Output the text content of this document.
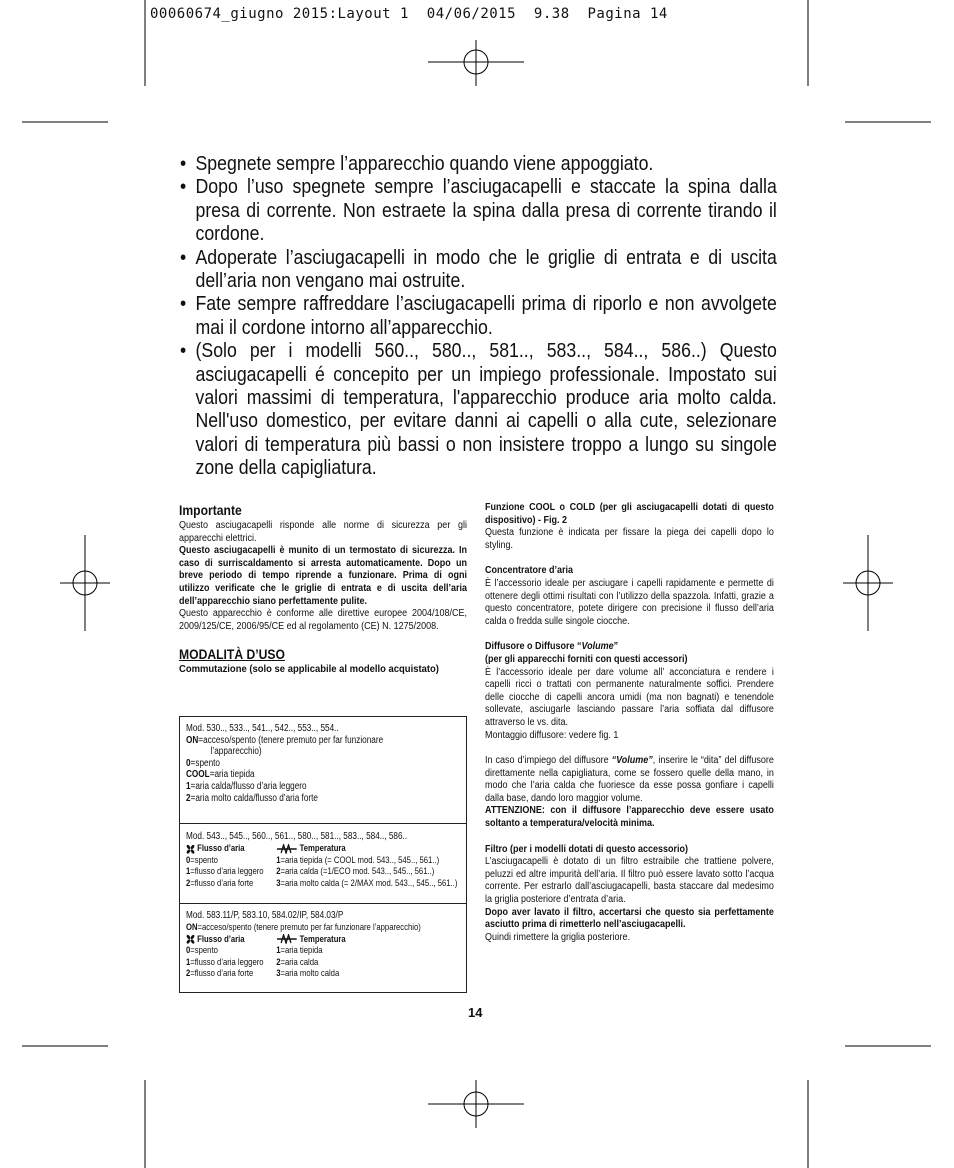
00060674_giugno 2015:Layout 1  04/06/2015  9.38  Pagina 14
• Spegnete sempre l’apparecchio quando viene appoggiato.
• Dopo l’uso spegnete sempre l’asciugacapelli e staccate la spina dalla presa di corrente. Non estraete la spina dalla presa di corrente tirando il cordone.
• Adoperate l’asciugacapelli in modo che le griglie di entrata e di uscita dell’aria non vengano mai ostruite.
• Fate sempre raffreddare l’asciugacapelli prima di riporlo e non avvolgete mai il cordone intorno all’apparecchio.
• (Solo per i modelli 560.., 580.., 581.., 583.., 584.., 586..) Questo asciugacapelli é concepito per un impiego professionale. Impostato sui valori massimi di temperatura, l'apparecchio produce aria molto calda. Nell'uso domestico, per evitare danni ai capelli o alla cute, selezionare valori di temperatura più bassi o non insistere troppo a lungo su singole zone della capigliatura.
Importante

Questo asciugacapelli risponde alle norme di sicurezza per gli apparecchi elettrici.

Questo asciugacapelli è munito di un termostato di sicurezza. In caso di surriscaldamento si arresta automaticamente. Dopo un breve periodo di tempo riprende a funzionare. Prima di ogni utilizzo verificate che le griglie di entrata e di uscita dell’aria dell’apparecchio siano perfettamente pulite.

Questo apparecchio è conforme alle direttive europee 2004/108/CE, 2009/125/CE, 2006/95/CE ed al regolamento (CE) N. 1275/2008.

MODALITÀ D’USO
Commutazione (solo se applicabile al modello acquistato)
Mod. 530.., 533.., 541.., 542.., 553.., 554..
ON=acceso/spento (tenere premuto per far funzionare
l’apparecchio)
0=spento
COOL=aria tiepida
1=aria calda/flusso d’aria leggero
2=aria molto calda/flusso d’aria forte
Mod. 543.., 545.., 560.., 561.., 580.., 581.., 583.., 584.., 586..
Flusso d’aria	Temperatura
0=spento	1=aria tiepida (= COOL mod. 543.., 545.., 561..)
1=flusso d’aria leggero	2=aria calda (=1/ECO mod. 543.., 545.., 561..)
2=flusso d’aria forte	3=aria molto calda (= 2/MAX mod. 543.., 545.., 561..)
Mod. 583.11/P, 583.10, 584.02/IP, 584.03/P
ON=acceso/spento (tenere premuto per far funzionare l’apparecchio)
Flusso d’aria	Temperatura
0=spento	1=aria tiepida
1=flusso d’aria leggero	2=aria calda
2=flusso d’aria forte	3=aria molto calda

Funzione COOL o COLD (per gli asciugacapelli dotati di questo dispositivo) - Fig. 2

Questa funzione è indicata per fissare la piega dei capelli dopo lo styling.

Concentratore d’aria

È l’accessorio ideale per asciugare i capelli rapidamente e permette di ottenere degli ottimi risultati con l’utilizzo della spazzola. Infatti, grazie a questo concentratore, potete dirigere con precisione il flusso dell’aria calda o fredda sulle singole ciocche.

Diffusore o Diffusore “Volume”

(per gli apparecchi forniti con questi accessori)

È l’accessorio ideale per dare volume all’ acconciatura e rendere i capelli ricci o trattati con permanente naturalmente soffici. Prendere delle ciocche di capelli ancora umidi (ma non bagnati) e tenendole sollevate, asciugarle lasciando passare l’aria soffiata dal diffusore attraverso le vs. dita.

Montaggio diffusore: vedere fig. 1

In caso d’impiego del diffusore “Volume”, inserire le “dita” del diffusore direttamente nella capigliatura, come se fossero quelle della mano, in modo che l’aria calda che fuoriesce da esse possa gonfiare i capelli dalla base, dando loro maggior volume.

ATTENZIONE: con il diffusore l’apparecchio deve essere usato soltanto a temperatura/velocità minima.

Filtro (per i modelli dotati di questo accessorio)

L’asciugacapelli è dotato di un filtro estraibile che trattiene polvere, peluzzi ed altre impurità dell’aria. Il filtro può essere lavato sotto l’acqua corrente. Per estrarlo dall’asciugacapelli, basta staccare dal medesimo la griglia posteriore d’entrata d’aria.

Dopo aver lavato il filtro, accertarsi che questo sia perfettamente asciutto prima di rimetterlo nell’asciugacapelli.

Quindi rimettere la griglia posteriore.

14
